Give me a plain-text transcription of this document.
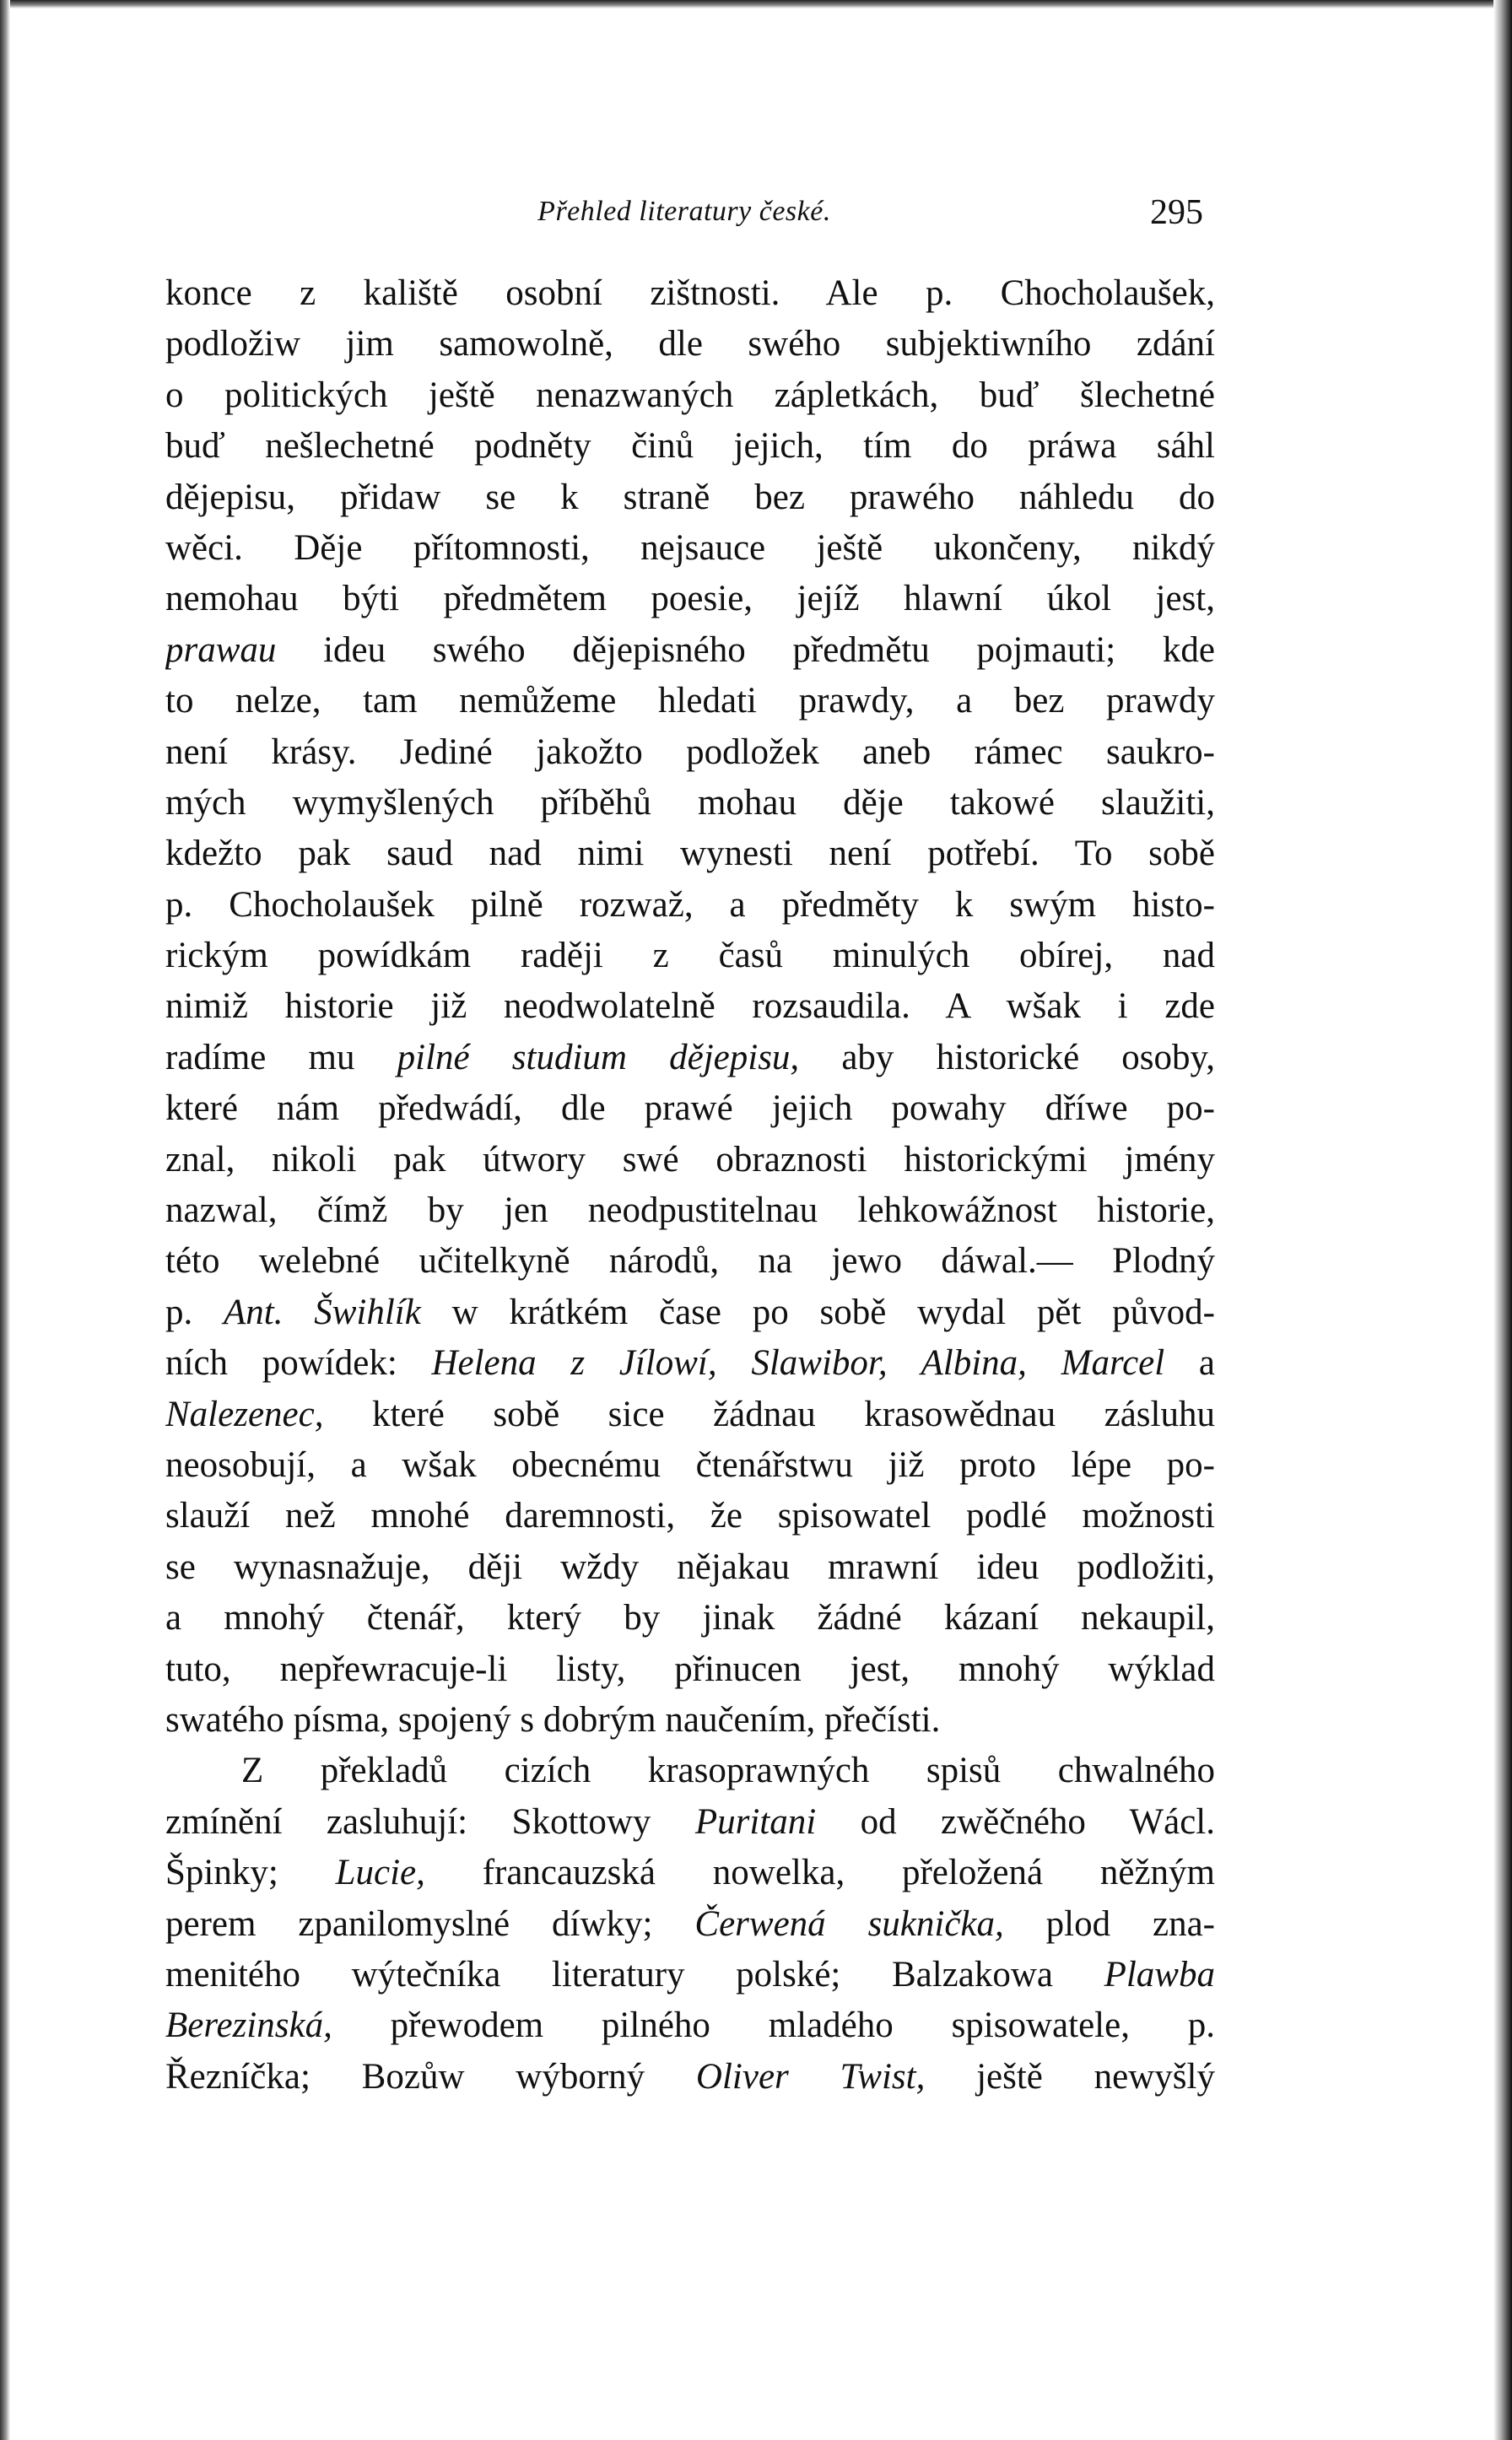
Přehled literatury české.	295
konce z kaliště osobní zištnosti. Ale p. Chocholaušek,
podložiw jim samowolně, dle swého subjektiwního zdání
o politických ještě nenazwaných zápletkách, buď šlechetné
buď nešlechetné podněty činů jejich, tím do práwa sáhl
dějepisu, přidaw se k straně bez prawého náhledu do
wěci. Děje přítomnosti, nejsauce ještě ukončeny, nikdý
nemohau býti předmětem poesie, jejíž hlawní úkol jest,
prawau ideu swého dějepisného předmětu pojmauti; kde
to nelze, tam nemůžeme hledati prawdy, a bez prawdy
není krásy. Jediné jakožto podložek aneb rámec saukro-
mých wymyšlených příběhů mohau děje takowé slaužiti,
kdežto pak saud nad nimi wynesti není potřebí. To sobě
p. Chocholaušek pilně rozwaž, a předměty k swým histo-
rickým powídkám raději z časů minulých obírej, nad
nimiž historie již neodwolatelně rozsaudila. A wšak i zde
radíme mu pilné studium dějepisu, aby historické osoby,
které nám předwádí, dle prawé jejich powahy dříwe po-
znal, nikoli pak útwory swé obraznosti historickými jmény
nazwal, čímž by jen neodpustitelnau lehkowážnost historie,
této welebné učitelkyně národů, na jewo dáwal.— Plodný
p. Ant. Šwihlík w krátkém čase po sobě wydal pět původ-
ních powídek: Helena z Jílowí, Slawibor, Albina, Marcel a
Nalezenec, které sobě sice žádnau krasowědnau zásluhu
neosobují, a wšak obecnému čtenářstwu již proto lépe po-
slauží než mnohé daremnosti, že spisowatel podlé možnosti
se wynasnažuje, ději wždy nějakau mrawní ideu podložiti,
a mnohý čtenář, který by jinak žádné kázaní nekaupil,
tuto, nepřewracuje-li listy, přinucen jest, mnohý wýklad
swatého písma, spojený s dobrým naučením, přečísti.
Z překladů cizích krasoprawných spisů chwalného
zmínění zasluhují: Skottowy Puritani od zwěčného Wácl.
Špinky; Lucie, francauzská nowelka, přeložená něžným
perem zpanilomyslné díwky; Čerwená suknička, plod zna-
menitého wýtečníka literatury polské; Balzakowa Plawba
Berezinská, přewodem pilného mladého spisowatele, p.
Řezníčka; Bozůw wýborný Oliver Twist, ještě newyšlý
